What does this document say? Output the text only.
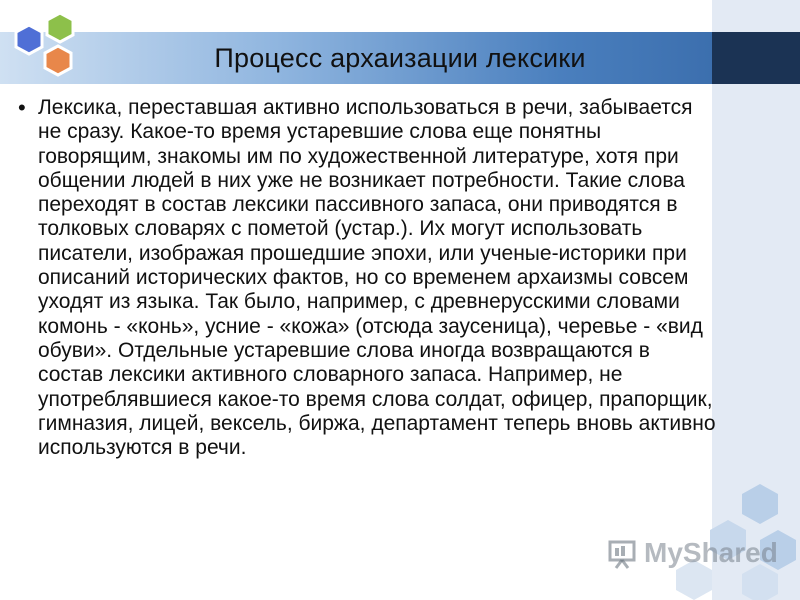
Процесс архаизации лексики
• Лексика, переставшая активно использоваться в речи, забывается не сразу. Какое-то время устаревшие слова еще понятны говорящим, знакомы им по художественной литературе, хотя при общении людей в них уже не возникает потребности. Такие слова переходят в состав лексики пассивного запаса, они приводятся в толковых словарях с пометой (устар.). Их могут использовать писатели, изображая прошедшие эпохи, или ученые-историки при описаний исторических фактов, но со временем архаизмы совсем уходят из языка. Так было, например, с древнерусскими словами комонь - «конь», усние - «кожа» (отсюда заусеница), черевье - «вид обуви». Отдельные устаревшие слова иногда возвращаются в состав лексики активного словарного запаса. Например, не употреблявшиеся какое-то время слова солдат, офицер, прапорщик, гимназия, лицей, вексель, биржа, департамент теперь вновь активно используются в речи.

MyShared
